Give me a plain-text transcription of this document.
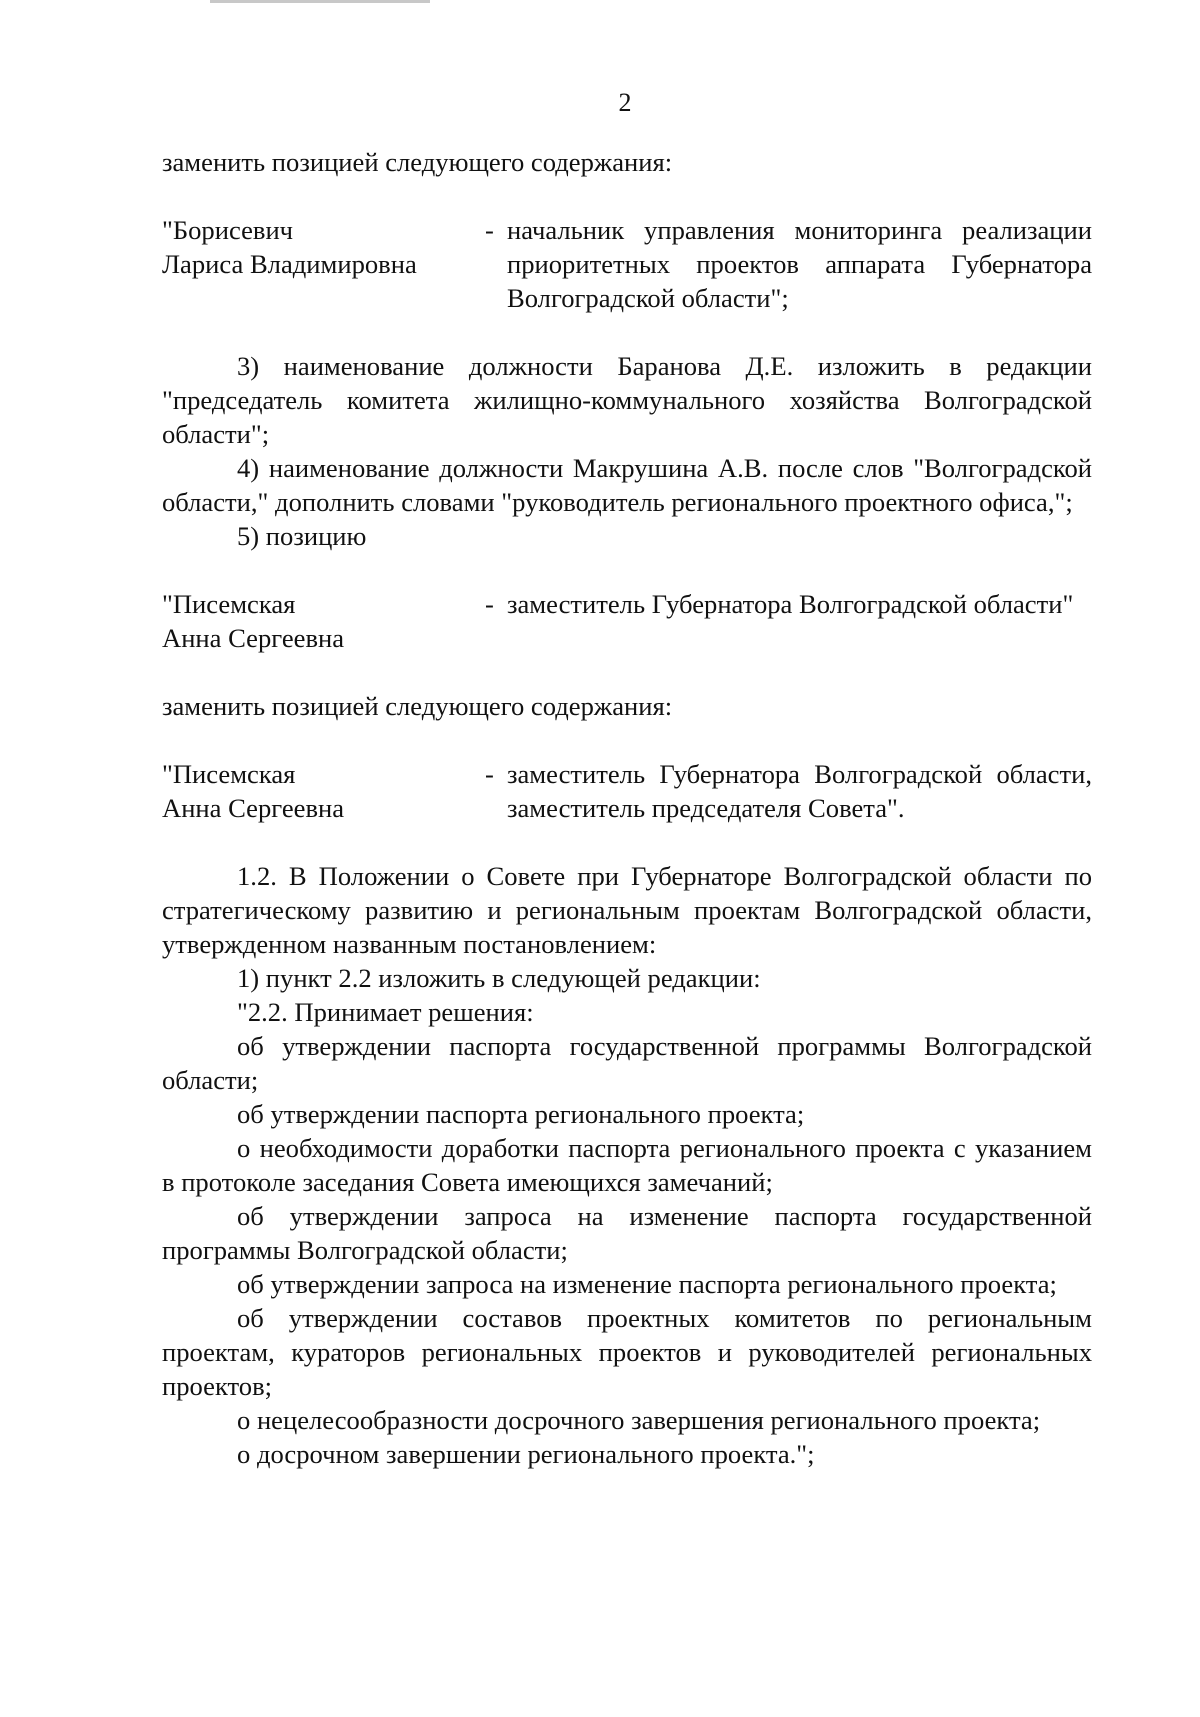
2

заменить позицией следующего содержания:

"Борисевич
Лариса Владимировна
- начальник управления мониторинга реализации приоритетных проектов аппарата Губернатора Волгоградской области";

3) наименование должности Баранова Д.Е. изложить в редакции "председатель комитета жилищно-коммунального хозяйства Волгоградской области";

4) наименование должности Макрушина А.В. после слов "Волгоградской области," дополнить словами "руководитель регионального проектного офиса,";

5) позицию

"Писемская
Анна Сергеевна
- заместитель Губернатора Волгоградской области"

заменить позицией следующего содержания:

"Писемская
Анна Сергеевна
- заместитель Губернатора Волгоградской области, заместитель председателя Совета".

1.2. В Положении о Совете при Губернаторе Волгоградской области по стратегическому развитию и региональным проектам Волгоградской области, утвержденном названным постановлением:

1) пункт 2.2 изложить в следующей редакции:

"2.2. Принимает решения:

об утверждении паспорта государственной программы Волгоградской области;

об утверждении паспорта регионального проекта;

о необходимости доработки паспорта регионального проекта с указанием в протоколе заседания Совета имеющихся замечаний;

об утверждении запроса на изменение паспорта государственной программы Волгоградской области;

об утверждении запроса на изменение паспорта регионального проекта;

об утверждении составов проектных комитетов по региональным проектам, кураторов региональных проектов и руководителей региональных проектов;

о нецелесообразности досрочного завершения регионального проекта;

о досрочном завершении регионального проекта.";
